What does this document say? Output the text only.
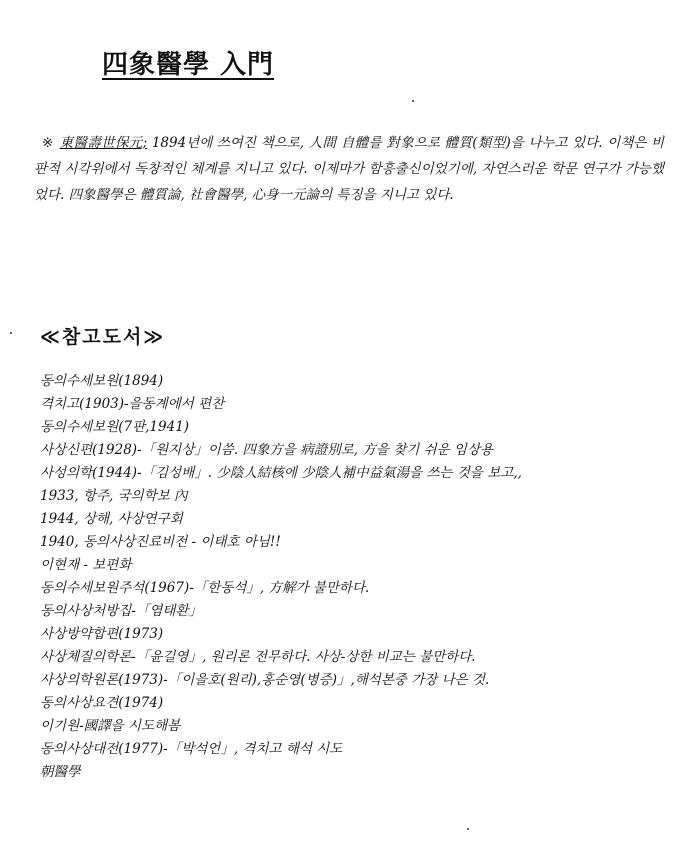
四象醫學 入門
※ 東醫壽世保元; 1894년에 쓰여진 책으로, 人間 自體를 對象으로 體質(類型)을 나누고 있다. 이책은 비판적 시각위에서 독창적인 체계를 지니고 있다. 이제마가 함흥출신이었기에, 자연스러운 학문 연구가 가능했었다. 四象醫學은 體質論, 社會醫學, 心身一元論의 특징을 지니고 있다.
≪참고도서≫
동의수세보원(1894)
격치고(1903)-을동계에서 편찬
동의수세보원(7판,1941)
사상신편(1928)-「원지상」이씀. 四象方을 病證別로, 方을 찾기 쉬운 임상용
사성의학(1944)-「김성배」. 少陰人結核에 少陰人補中益氣湯을 쓰는 것을 보고,,
1933, 항주, 국의학보 內
1944, 상해, 사상연구회
1940, 동의사상진료비전 - 이태호 아님!!
이현재 - 보편화
동의수세보원주석(1967)-「한동석」, 方解가 불만하다.
동의사상처방집-「염태환」
사상방약합편(1973)
사상체질의학론-「윤길영」, 원리론 전무하다. 사상-상한 비교는 불만하다.
사상의학원론(1973)-「이을호(원리),홍순영(병증)」,해석본중 가장 나은 것.
동의사상요견(1974)
이기원-國譯을 시도해봄
동의사상대전(1977)-「박석언」, 격치고 해석 시도
朝醫學
